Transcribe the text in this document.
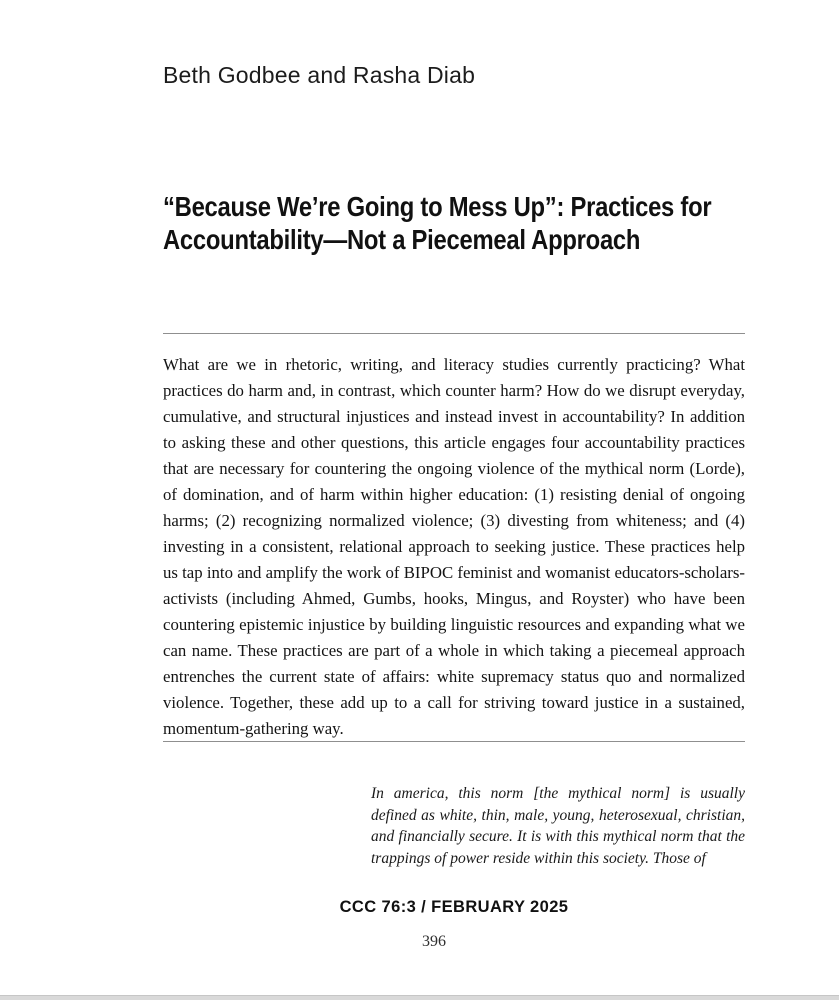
Beth Godbee and Rasha Diab
“Because We’re Going to Mess Up”: Practices for
Accountability—Not a Piecemeal Approach
What are we in rhetoric, writing, and literacy studies currently practicing? What practices do harm and, in contrast, which counter harm? How do we disrupt everyday, cumulative, and structural injustices and instead invest in accountability? In addition to asking these and other questions, this article engages four accountability practices that are necessary for countering the ongoing violence of the mythical norm (Lorde), of domination, and of harm within higher education: (1) resisting denial of ongoing harms; (2) recognizing normalized violence; (3) divesting from whiteness; and (4) investing in a consistent, relational approach to seeking justice. These practices help us tap into and amplify the work of BIPOC feminist and womanist educators-scholars-activists (including Ahmed, Gumbs, hooks, Mingus, and Royster) who have been countering epistemic injustice by building linguistic resources and expanding what we can name. These practices are part of a whole in which taking a piecemeal approach entrenches the current state of affairs: white supremacy status quo and normalized violence. Together, these add up to a call for striving toward justice in a sustained, momentum-gathering way.
In america, this norm [the mythical norm] is usually defined as white, thin, male, young, heterosexual, christian, and financially secure. It is with this mythical norm that the trappings of power reside within this society. Those of
CCC 76:3 / FEBRUARY 2025
396
